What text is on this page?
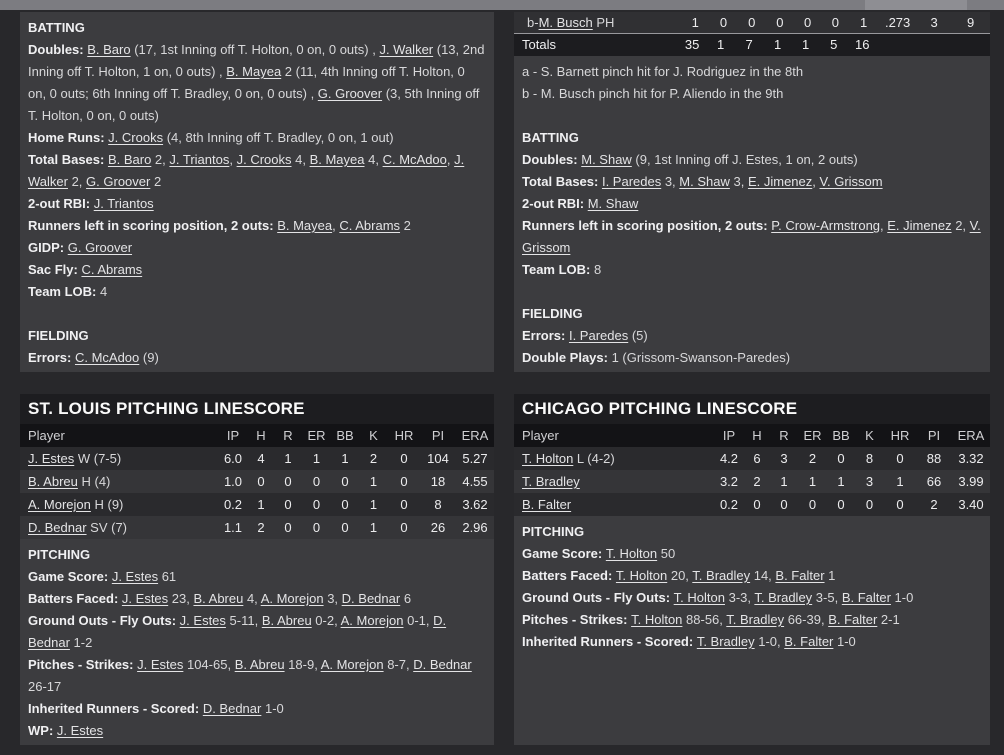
BATTING
Doubles: B. Baro (17, 1st Inning off T. Holton, 0 on, 0 outs) , J. Walker (13, 2nd Inning off T. Holton, 1 on, 0 outs) , B. Mayea 2 (11, 4th Inning off T. Holton, 0 on, 0 outs; 6th Inning off T. Bradley, 0 on, 0 outs) , G. Groover (3, 5th Inning off T. Holton, 0 on, 0 outs)
Home Runs: J. Crooks (4, 8th Inning off T. Bradley, 0 on, 1 out)
Total Bases: B. Baro 2, J. Triantos, J. Crooks 4, B. Mayea 4, C. McAdoo, J. Walker 2, G. Groover 2
2-out RBI: J. Triantos
Runners left in scoring position, 2 outs: B. Mayea, C. Abrams 2
GIDP: G. Groover
Sac Fly: C. Abrams
Team LOB: 4

FIELDING
Errors: C. McAdoo (9)
b-M. Busch PH	1	0	0	0	0	0	1	.273	3	9
Totals	35	1	7	1	1	5	16
a - S. Barnett pinch hit for J. Rodriguez in the 8th
b - M. Busch pinch hit for P. Aliendo in the 9th

BATTING
Doubles: M. Shaw (9, 1st Inning off J. Estes, 1 on, 2 outs)
Total Bases: I. Paredes 3, M. Shaw 3, E. Jimenez, V. Grissom
2-out RBI: M. Shaw
Runners left in scoring position, 2 outs: P. Crow-Armstrong, E. Jimenez 2, V. Grissom
Team LOB: 8

FIELDING
Errors: I. Paredes (5)
Double Plays: 1 (Grissom-Swanson-Paredes)
ST. LOUIS PITCHING LINESCORE
Player	IP	H	R	ER BB	K	HR	PI	ERA
J. Estes W (7-5)	6.0	4	1	1	1	2	0	104	5.27
B. Abreu H (4)	1.0	0	0	0	0	1	0	18	4.55
A. Morejon H (9)	0.2	1	0	0	0	1	0	8	3.62
D. Bednar SV (7)	1.1	2	0	0	0	1	0	26	2.96
PITCHING
Game Score: J. Estes 61
Batters Faced: J. Estes 23, B. Abreu 4, A. Morejon 3, D. Bednar 6
Ground Outs - Fly Outs: J. Estes 5-11, B. Abreu 0-2, A. Morejon 0-1, D. Bednar 1-2
Pitches - Strikes: J. Estes 104-65, B. Abreu 18-9, A. Morejon 8-7, D. Bednar 26-17
Inherited Runners - Scored: D. Bednar 1-0
WP: J. Estes
CHICAGO PITCHING LINESCORE
Player	IP	H	R	ER BB	K	HR	PI	ERA
T. Holton L (4-2)	4.2	6	3	2	0	8	0	88	3.32
T. Bradley	3.2	2	1	1	1	3	1	66	3.99
B. Falter	0.2	0	0	0	0	0	0	2	3.40
PITCHING
Game Score: T. Holton 50
Batters Faced: T. Holton 20, T. Bradley 14, B. Falter 1
Ground Outs - Fly Outs: T. Holton 3-3, T. Bradley 3-5, B. Falter 1-0
Pitches - Strikes: T. Holton 88-56, T. Bradley 66-39, B. Falter 2-1
Inherited Runners - Scored: T. Bradley 1-0, B. Falter 1-0
